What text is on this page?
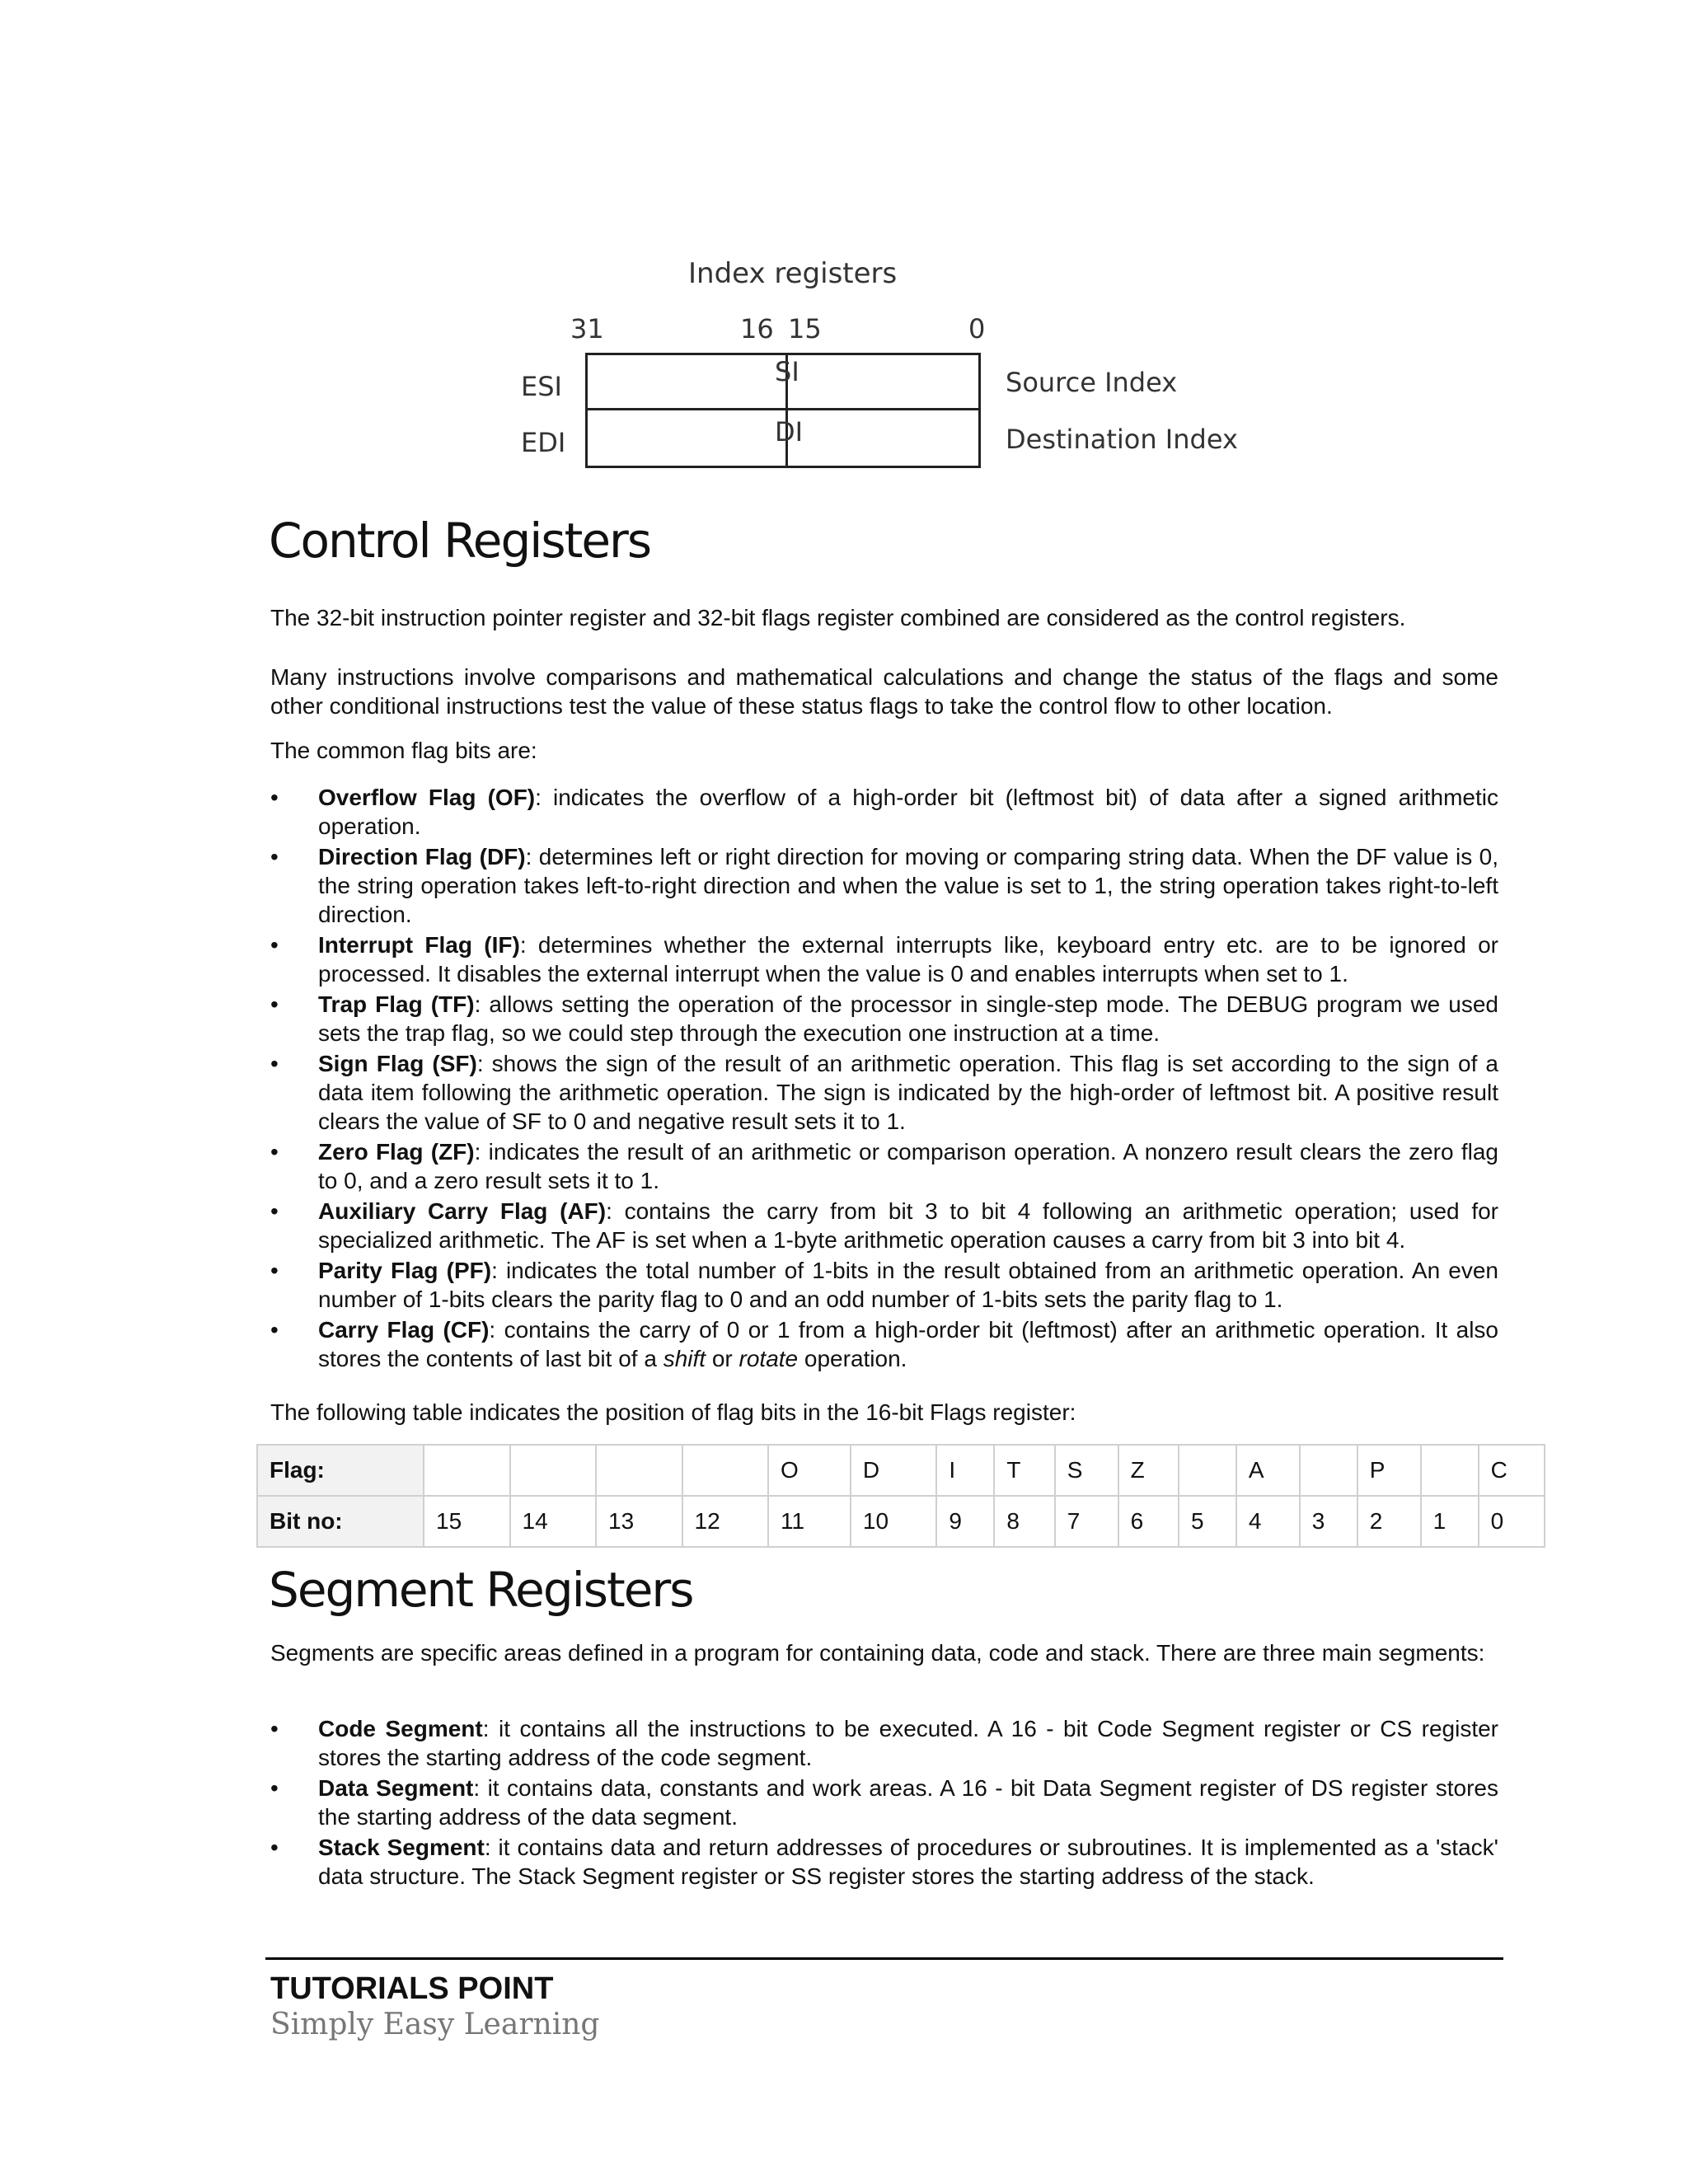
Index registers
31	16 15	0
ESI	SI	Source Index
EDI	DI	Destination Index
Control Registers

The 32-bit instruction pointer register and 32-bit flags register combined are considered as the control registers.

Many instructions involve comparisons and mathematical calculations and change the status of the flags and some other conditional instructions test the value of these status flags to take the control flow to other location.

The common flag bits are:

• Overflow Flag (OF): indicates the overflow of a high-order bit (leftmost bit) of data after a signed arithmetic operation.
• Direction Flag (DF): determines left or right direction for moving or comparing string data. When the DF value is 0, the string operation takes left-to-right direction and when the value is set to 1, the string operation takes right-to-left direction.
• Interrupt Flag (IF): determines whether the external interrupts like, keyboard entry etc. are to be ignored or processed. It disables the external interrupt when the value is 0 and enables interrupts when set to 1.
• Trap Flag (TF): allows setting the operation of the processor in single-step mode. The DEBUG program we used sets the trap flag, so we could step through the execution one instruction at a time.
• Sign Flag (SF): shows the sign of the result of an arithmetic operation. This flag is set according to the sign of a data item following the arithmetic operation. The sign is indicated by the high-order of leftmost bit. A positive result clears the value of SF to 0 and negative result sets it to 1.
• Zero Flag (ZF): indicates the result of an arithmetic or comparison operation. A nonzero result clears the zero flag to 0, and a zero result sets it to 1.
• Auxiliary Carry Flag (AF): contains the carry from bit 3 to bit 4 following an arithmetic operation; used for specialized arithmetic. The AF is set when a 1-byte arithmetic operation causes a carry from bit 3 into bit 4.
• Parity Flag (PF): indicates the total number of 1-bits in the result obtained from an arithmetic operation. An even number of 1-bits clears the parity flag to 0 and an odd number of 1-bits sets the parity flag to 1.
• Carry Flag (CF): contains the carry of 0 or 1 from a high-order bit (leftmost) after an arithmetic operation. It also stores the contents of last bit of a shift or rotate operation.

The following table indicates the position of flag bits in the 16-bit Flags register:

Flag:					O	D	I	T	S	Z		A		P		C
Bit no:	15	14	13	12	11	10	9	8	7	6	5	4	3	2	1	0
Segment Registers

Segments are specific areas defined in a program for containing data, code and stack. There are three main segments:

• Code Segment: it contains all the instructions to be executed. A 16 - bit Code Segment register or CS register stores the starting address of the code segment.
• Data Segment: it contains data, constants and work areas. A 16 - bit Data Segment register of DS register stores the starting address of the data segment.
• Stack Segment: it contains data and return addresses of procedures or subroutines. It is implemented as a 'stack' data structure. The Stack Segment register or SS register stores the starting address of the stack.
TUTORIALS POINT
Simply Easy Learning
